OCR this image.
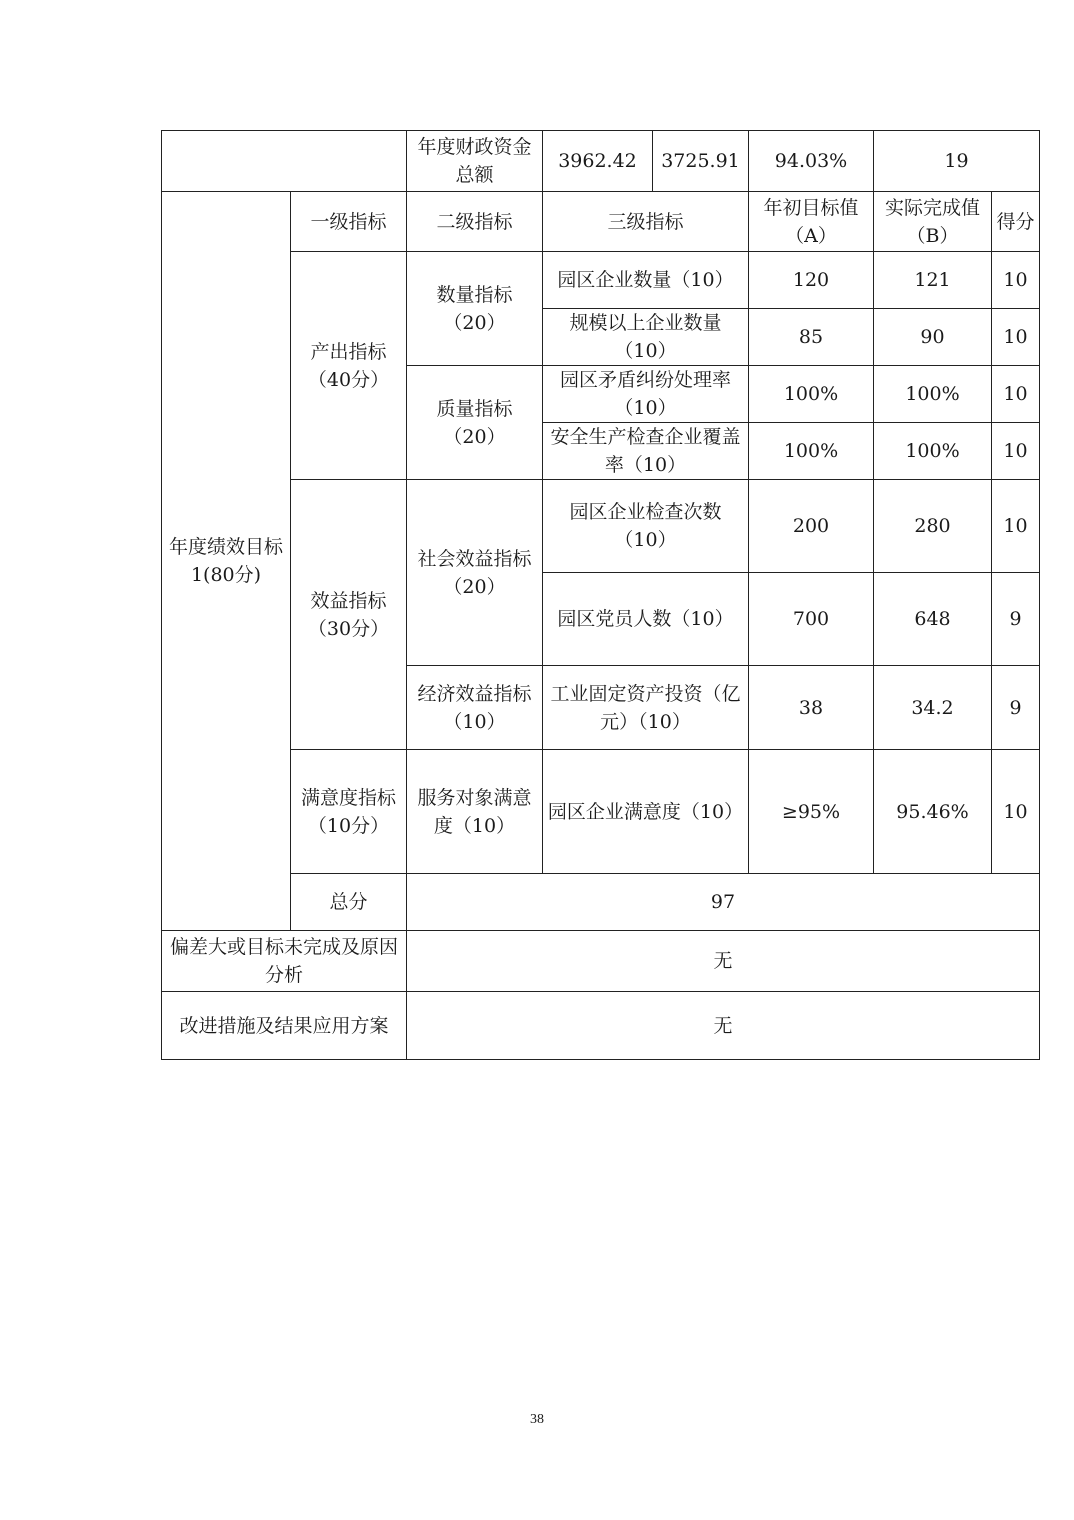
		年度财政资金总额	3962.42	3725.91	94.03%	19	
年度绩效目标1(80分)	一级指标	二级指标	三级指标		年初目标值（A）	实际完成值（B）	得分
	产出指标（40分）	数量指标（20）	园区企业数量（10）		120	121	10
			规模以上企业数量（10）		85	90	10
		质量指标（20）	园区矛盾纠纷处理率（10）		100%	100%	10
			安全生产检查企业覆盖率（10）		100%	100%	10
	效益指标（30分）	社会效益指标（20）	园区企业检查次数（10）		200	280	10
			园区党员人数（10）		700	648	9
		经济效益指标（10）	工业固定资产投资（亿元）（10）		38	34.2	9
	满意度指标（10分）	服务对象满意度（10）	园区企业满意度（10）		≥95%	95.46%	10
	总分	97					
偏差大或目标未完成及原因分析		无					
改进措施及结果应用方案		无					
38
